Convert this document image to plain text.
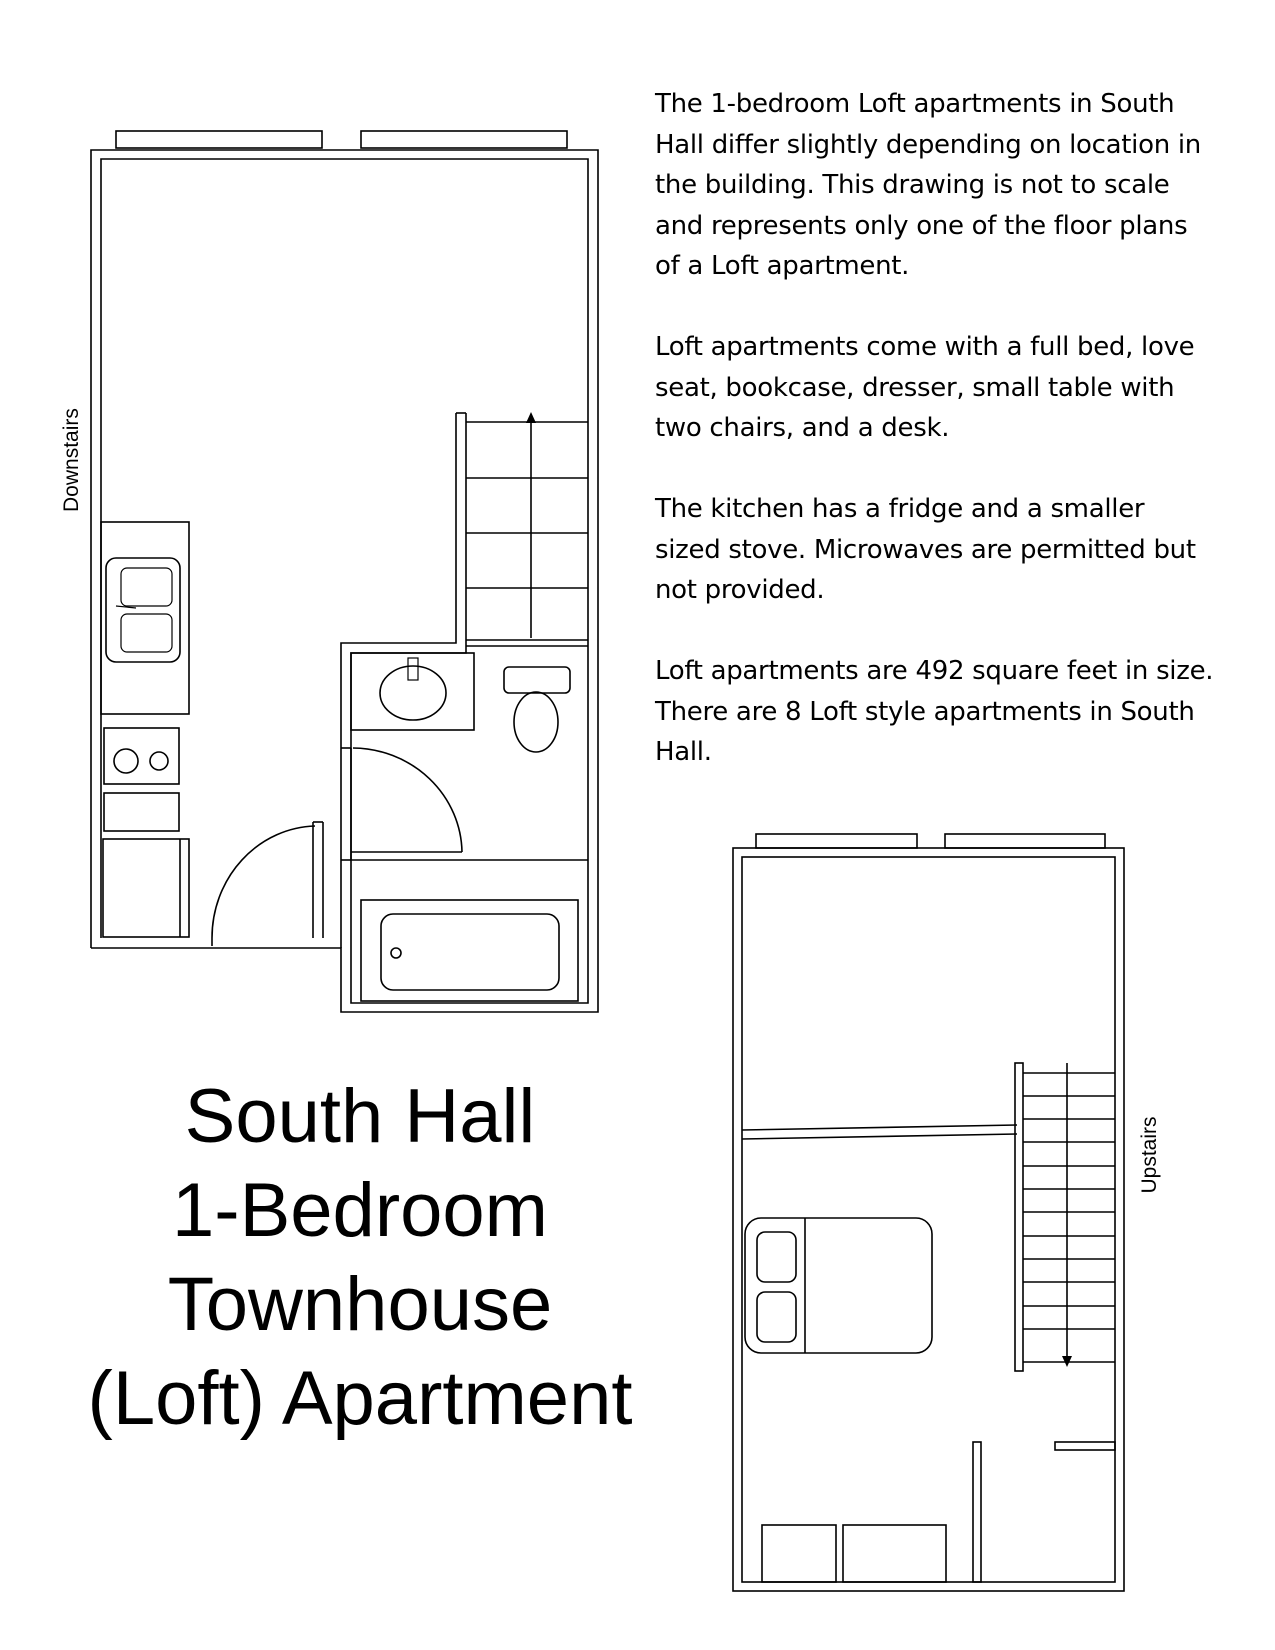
Downstairs
Upstairs

The 1-bedroom Loft apartments in South Hall differ slightly depending on location in the building. This drawing is not to scale and represents only one of the floor plans of a Loft apartment.

Loft apartments come with a full bed, love seat, bookcase, dresser, small table with two chairs, and a desk.

The kitchen has a fridge and a smaller sized stove. Microwaves are permitted but not provided.

Loft apartments are 492 square feet in size. There are 8 Loft style apartments in South Hall.

South Hall
1-Bedroom
Townhouse
(Loft) Apartment
